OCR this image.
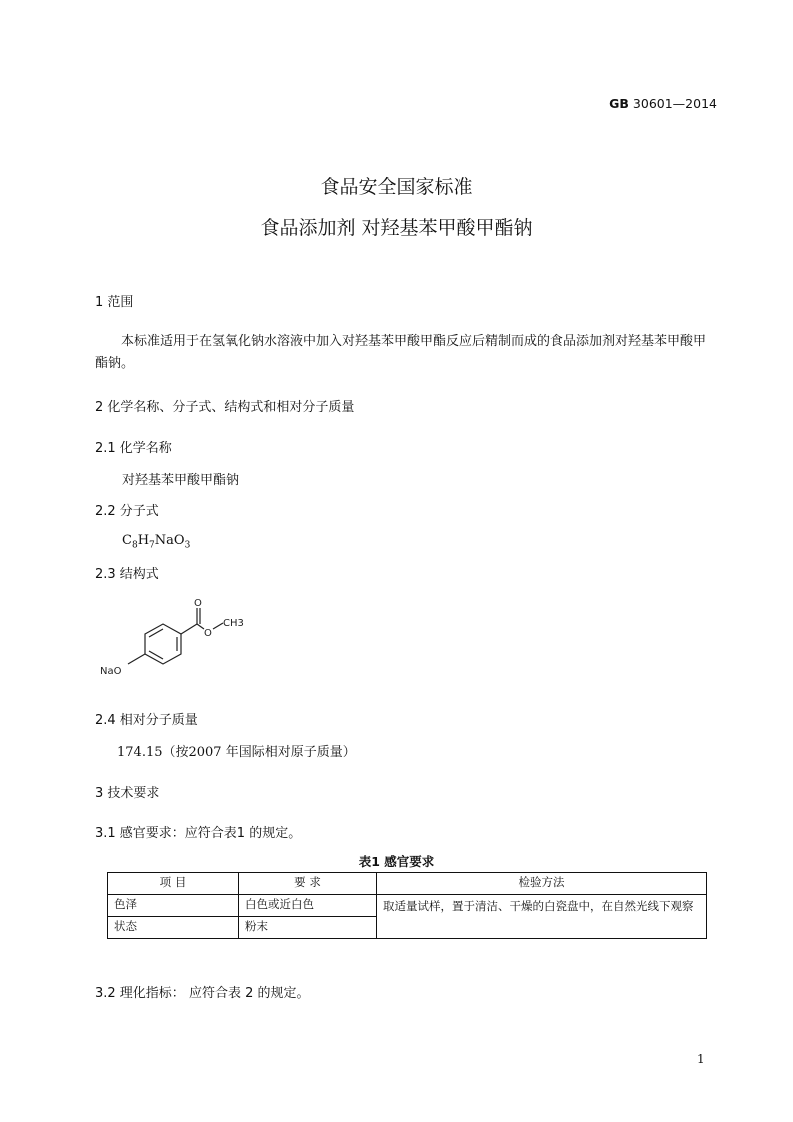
GB 30601—2014
食品安全国家标准
食品添加剂 对羟基苯甲酸甲酯钠
1 范围
本标准适用于在氢氧化钠水溶液中加入对羟基苯甲酸甲酯反应后精制而成的食品添加剂对羟基苯甲酸甲酯钠。
2 化学名称、分子式、结构式和相对分子质量
2.1 化学名称
对羟基苯甲酸甲酯钠
2.2 分子式
$C_8H_7NaO_3$
2.3 结构式
O
O
CH3
NaO
2.4 相对分子质量
174.15（按2007 年国际相对原子质量）
3 技术要求
3.1 感官要求：应符合表1 的规定。
表1 感官要求
项 目	要 求	检验方法
色泽	白色或近白色	取适量试样，置于清洁、干燥的白瓷盘中，在自然光线下观察
状态	粉末	
3.2 理化指标： 应符合表 2 的规定。
1
